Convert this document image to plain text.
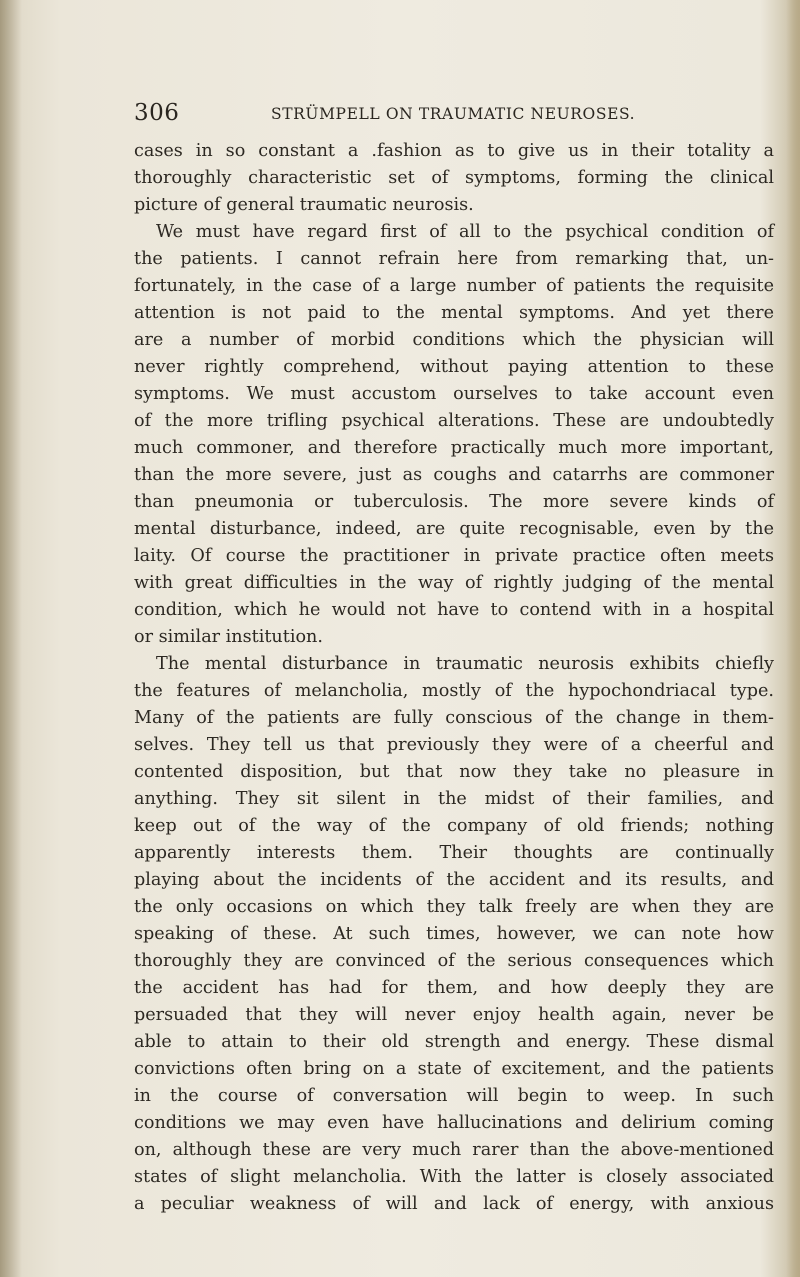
306	STRÜMPELL ON TRAUMATIC NEUROSES.
cases in so constant a .fashion as to give us in their totality a
thoroughly characteristic set of symptoms, forming the clinical
picture of general traumatic neurosis.
We must have regard first of all to the psychical condition of
the patients. I cannot refrain here from remarking that, un-
fortunately, in the case of a large number of patients the requisite
attention is not paid to the mental symptoms. And yet there
are a number of morbid conditions which the physician will
never rightly comprehend, without paying attention to these
symptoms. We must accustom ourselves to take account even
of the more trifling psychical alterations. These are undoubtedly
much commoner, and therefore practically much more important,
than the more severe, just as coughs and catarrhs are commoner
than pneumonia or tuberculosis. The more severe kinds of
mental disturbance, indeed, are quite recognisable, even by the
laity. Of course the practitioner in private practice often meets
with great difficulties in the way of rightly judging of the mental
condition, which he would not have to contend with in a hospital
or similar institution.
The mental disturbance in traumatic neurosis exhibits chiefly
the features of melancholia, mostly of the hypochondriacal type.
Many of the patients are fully conscious of the change in them-
selves. They tell us that previously they were of a cheerful and
contented disposition, but that now they take no pleasure in
anything. They sit silent in the midst of their families, and
keep out of the way of the company of old friends; nothing
apparently interests them. Their thoughts are continually
playing about the incidents of the accident and its results, and
the only occasions on which they talk freely are when they are
speaking of these. At such times, however, we can note how
thoroughly they are convinced of the serious consequences which
the accident has had for them, and how deeply they are
persuaded that they will never enjoy health again, never be
able to attain to their old strength and energy. These dismal
convictions often bring on a state of excitement, and the patients
in the course of conversation will begin to weep. In such
conditions we may even have hallucinations and delirium coming
on, although these are very much rarer than the above-mentioned
states of slight melancholia. With the latter is closely associated
a peculiar weakness of will and lack of energy, with anxious
